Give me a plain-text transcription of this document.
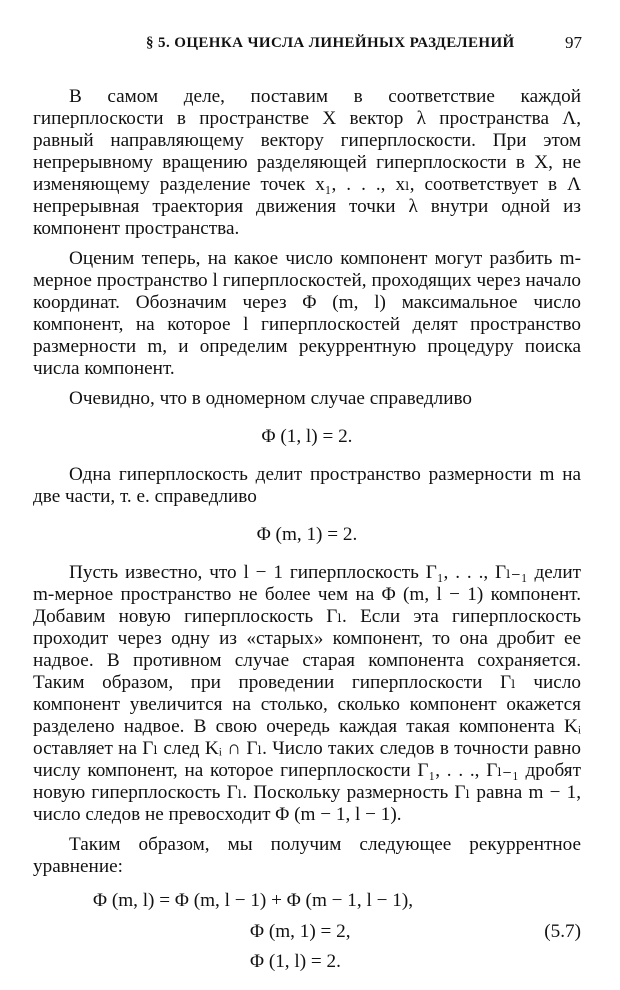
§ 5. ОЦЕНКА ЧИСЛА ЛИНЕЙНЫХ РАЗДЕЛЕНИЙ	97

В самом деле, поставим в соответствие каждой гиперплоскости в пространстве X вектор λ пространства Λ, равный направляющему вектору гиперплоскости. При этом непрерывному вращению разделяющей гиперплоскости в X, не изменяющему разделение точек x₁, . . ., xₗ, соответствует в Λ непрерывная траектория движения точки λ внутри одной из компонент пространства.

Оценим теперь, на какое число компонент могут разбить m-мерное пространство l гиперплоскостей, проходящих через начало координат. Обозначим через Φ (m, l) максимальное число компонент, на которое l гиперплоскостей делят пространство размерности m, и определим рекуррентную процедуру поиска числа компонент.

Очевидно, что в одномерном случае справедливо

Φ (1, l) = 2.

Одна гиперплоскость делит пространство размерности m на две части, т. е. справедливо

Φ (m, 1) = 2.

Пусть известно, что l − 1 гиперплоскость Γ₁, . . ., Γₗ₋₁ делит m-мерное пространство не более чем на Φ (m, l − 1) компонент. Добавим новую гиперплоскость Γₗ. Если эта гиперплоскость проходит через одну из «старых» компонент, то она дробит ее надвое. В противном случае старая компонента сохраняется. Таким образом, при проведении гиперплоскости Γₗ число компонент увеличится на столько, сколько компонент окажется разделено надвое. В свою очередь каждая такая компонента Kᵢ оставляет на Γₗ след Kᵢ ∩ Γₗ. Число таких следов в точности равно числу компонент, на которое гиперплоскости Γ₁, . . ., Γₗ₋₁ дробят новую гиперплоскость Γₗ. Поскольку размерность Γₗ равна m − 1, число следов не превосходит Φ (m − 1, l − 1).

Таким образом, мы получим следующее рекуррентное уравнение:

Φ (m, l) = Φ (m, l − 1) + Φ (m − 1, l − 1),
Φ (m, 1) = 2,
Φ (1, l) = 2.
(5.7)
